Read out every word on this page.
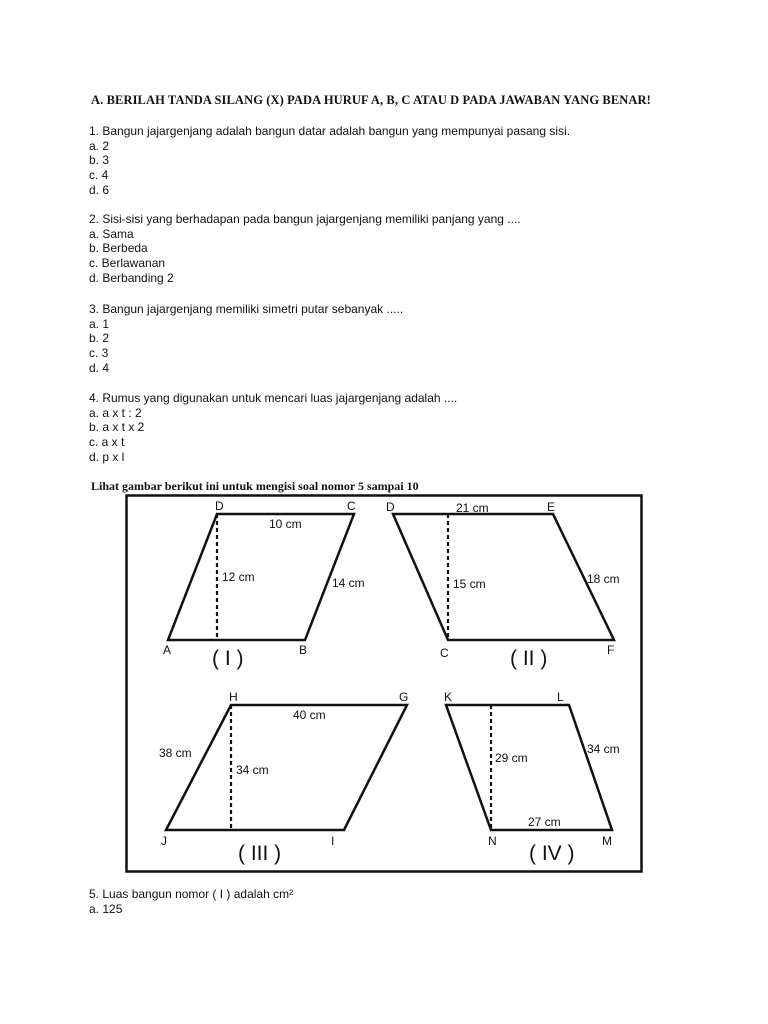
A. BERILAH TANDA SILANG (X) PADA HURUF A, B, C ATAU D PADA JAWABAN YANG BENAR!

1. Bangun jajargenjang adalah bangun datar adalah bangun yang mempunyai pasang sisi.
a. 2
b. 3
c. 4
d. 6
2. Sisi-sisi yang berhadapan pada bangun jajargenjang memiliki panjang yang ....
a. Sama
b. Berbeda
c. Berlawanan
d. Berbanding 2
3. Bangun jajargenjang memiliki simetri putar sebanyak .....
a. 1
b. 2
c. 3
d. 4
4. Rumus yang digunakan untuk mencari luas jajargenjang adalah ....
a. a x t : 2
b. a x t x 2
c. a x t
d. p x l
Lihat gambar berikut ini untuk mengisi soal nomor 5 sampai 10
D	C
A	B
10 cm
12 cm	14 cm
( I )
D	E
C	F
21 cm
15 cm	18 cm
( II )
H	G
J	I
40 cm
38 cm
34 cm
( III )
K	L
N	M
29 cm
34 cm
27 cm
( IV )
5. Luas bangun nomor ( I ) adalah cm²
a. 125
